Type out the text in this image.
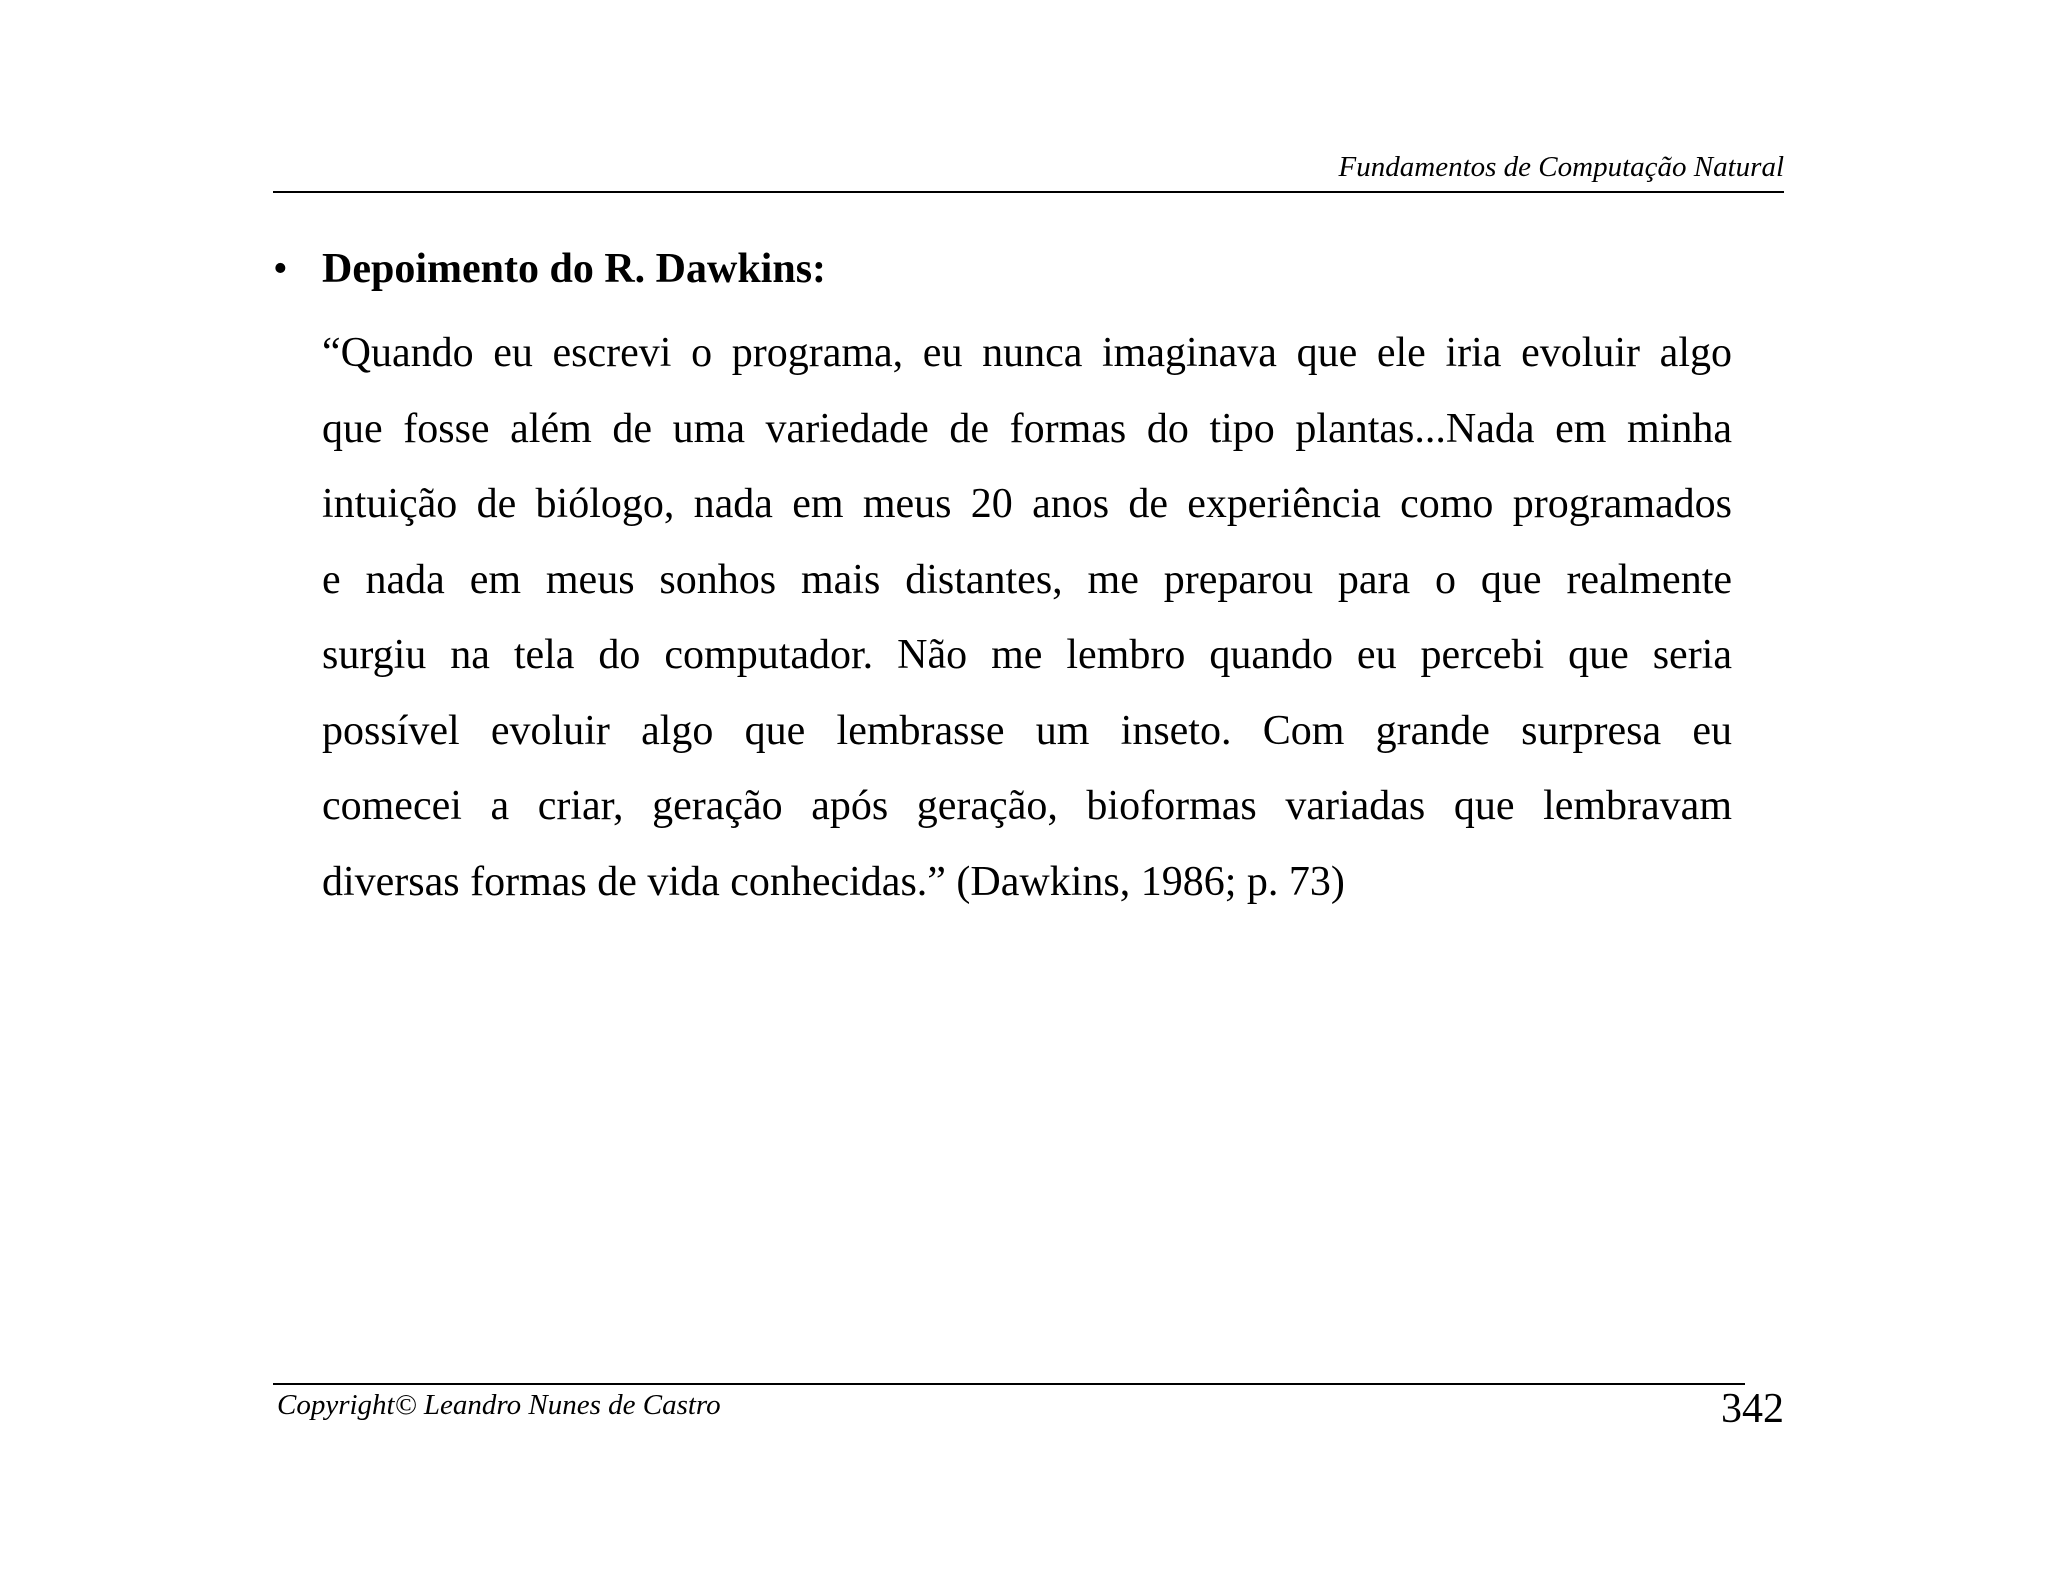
Fundamentos de Computação Natural
• Depoimento do R. Dawkins:
“Quando eu escrevi o programa, eu nunca imaginava que ele iria evoluir algo
que fosse além de uma variedade de formas do tipo plantas...Nada em minha
intuição de biólogo, nada em meus 20 anos de experiência como programados
e nada em meus sonhos mais distantes, me preparou para o que realmente
surgiu na tela do computador. Não me lembro quando eu percebi que seria
possível evoluir algo que lembrasse um inseto. Com grande surpresa eu
comecei a criar, geração após geração, bioformas variadas que lembravam
diversas formas de vida conhecidas.” (Dawkins, 1986; p. 73)
Copyright© Leandro Nunes de Castro	342
